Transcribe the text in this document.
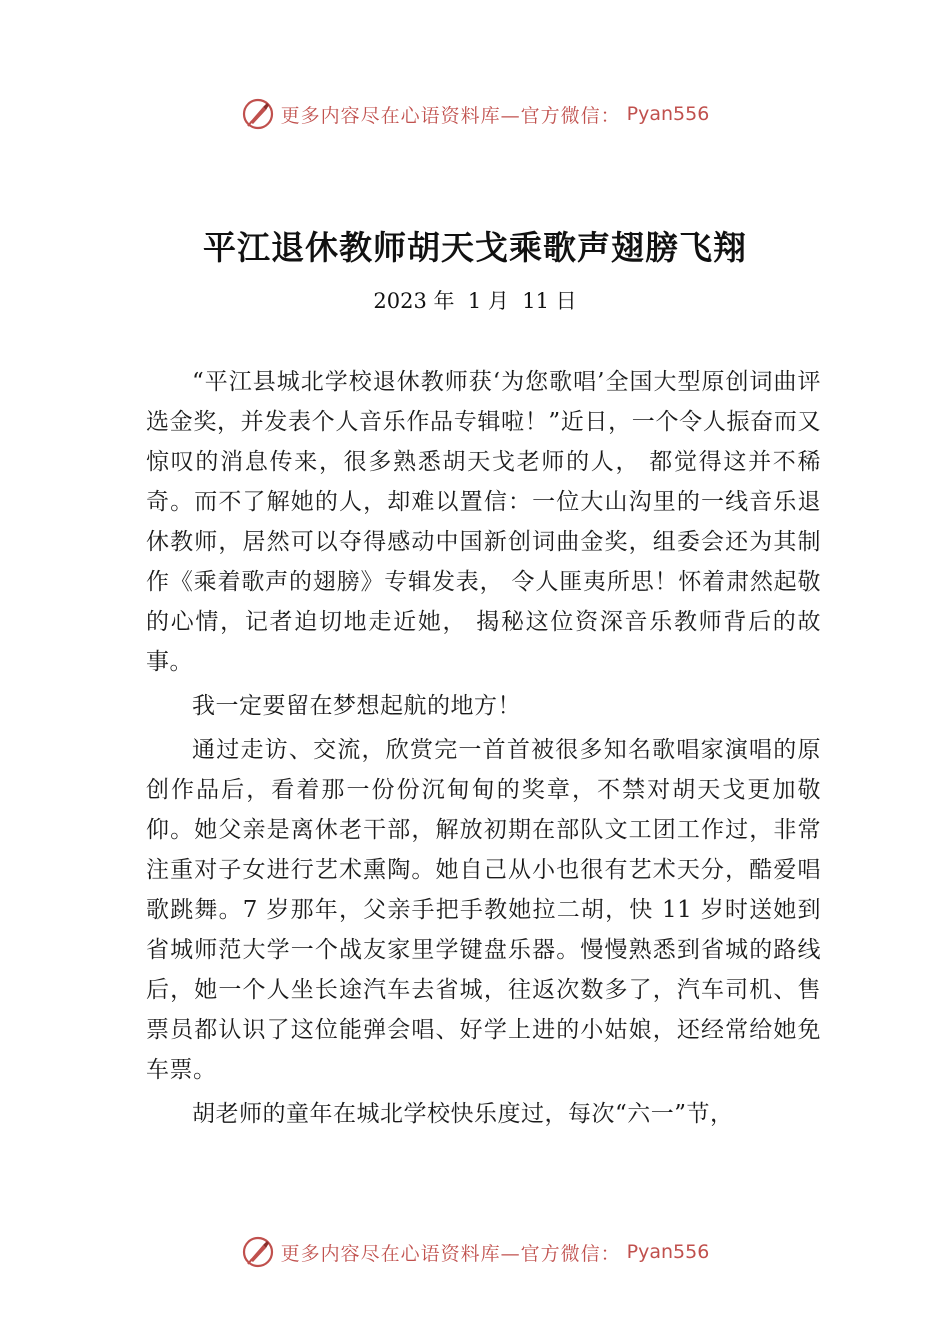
更多内容尽在心语资料库—官方微信： Pyan556
平江退休教师胡天戈乘歌声翅膀飞翔
2023 年  1 月  11 日

“平江县城北学校退休教师获‘为您歌唱’全国大型原创词曲评选金奖，并发表个人音乐作品专辑啦！”近日，一个令人振奋而又惊叹的消息传来，很多熟悉胡天戈老师的人， 都觉得这并不稀奇。而不了解她的人，却难以置信：一位大山沟里的一线音乐退休教师，居然可以夺得感动中国新创词曲金奖，组委会还为其制作《乘着歌声的翅膀》专辑发表， 令人匪夷所思！怀着肃然起敬的心情，记者迫切地走近她， 揭秘这位资深音乐教师背后的故事。

我一定要留在梦想起航的地方！

通过走访、交流，欣赏完一首首被很多知名歌唱家演唱的原创作品后，看着那一份份沉甸甸的奖章，不禁对胡天戈更加敬仰。她父亲是离休老干部，解放初期在部队文工团工作过，非常注重对子女进行艺术熏陶。她自己从小也很有艺术天分，酷爱唱歌跳舞。7 岁那年，父亲手把手教她拉二胡，快 11 岁时送她到省城师范大学一个战友家里学键盘乐器。慢慢熟悉到省城的路线后，她一个人坐长途汽车去省城，往返次数多了，汽车司机、售票员都认识了这位能弹会唱、好学上进的小姑娘，还经常给她免车票。

胡老师的童年在城北学校快乐度过，每次“六一”节，

更多内容尽在心语资料库—官方微信： Pyan556
